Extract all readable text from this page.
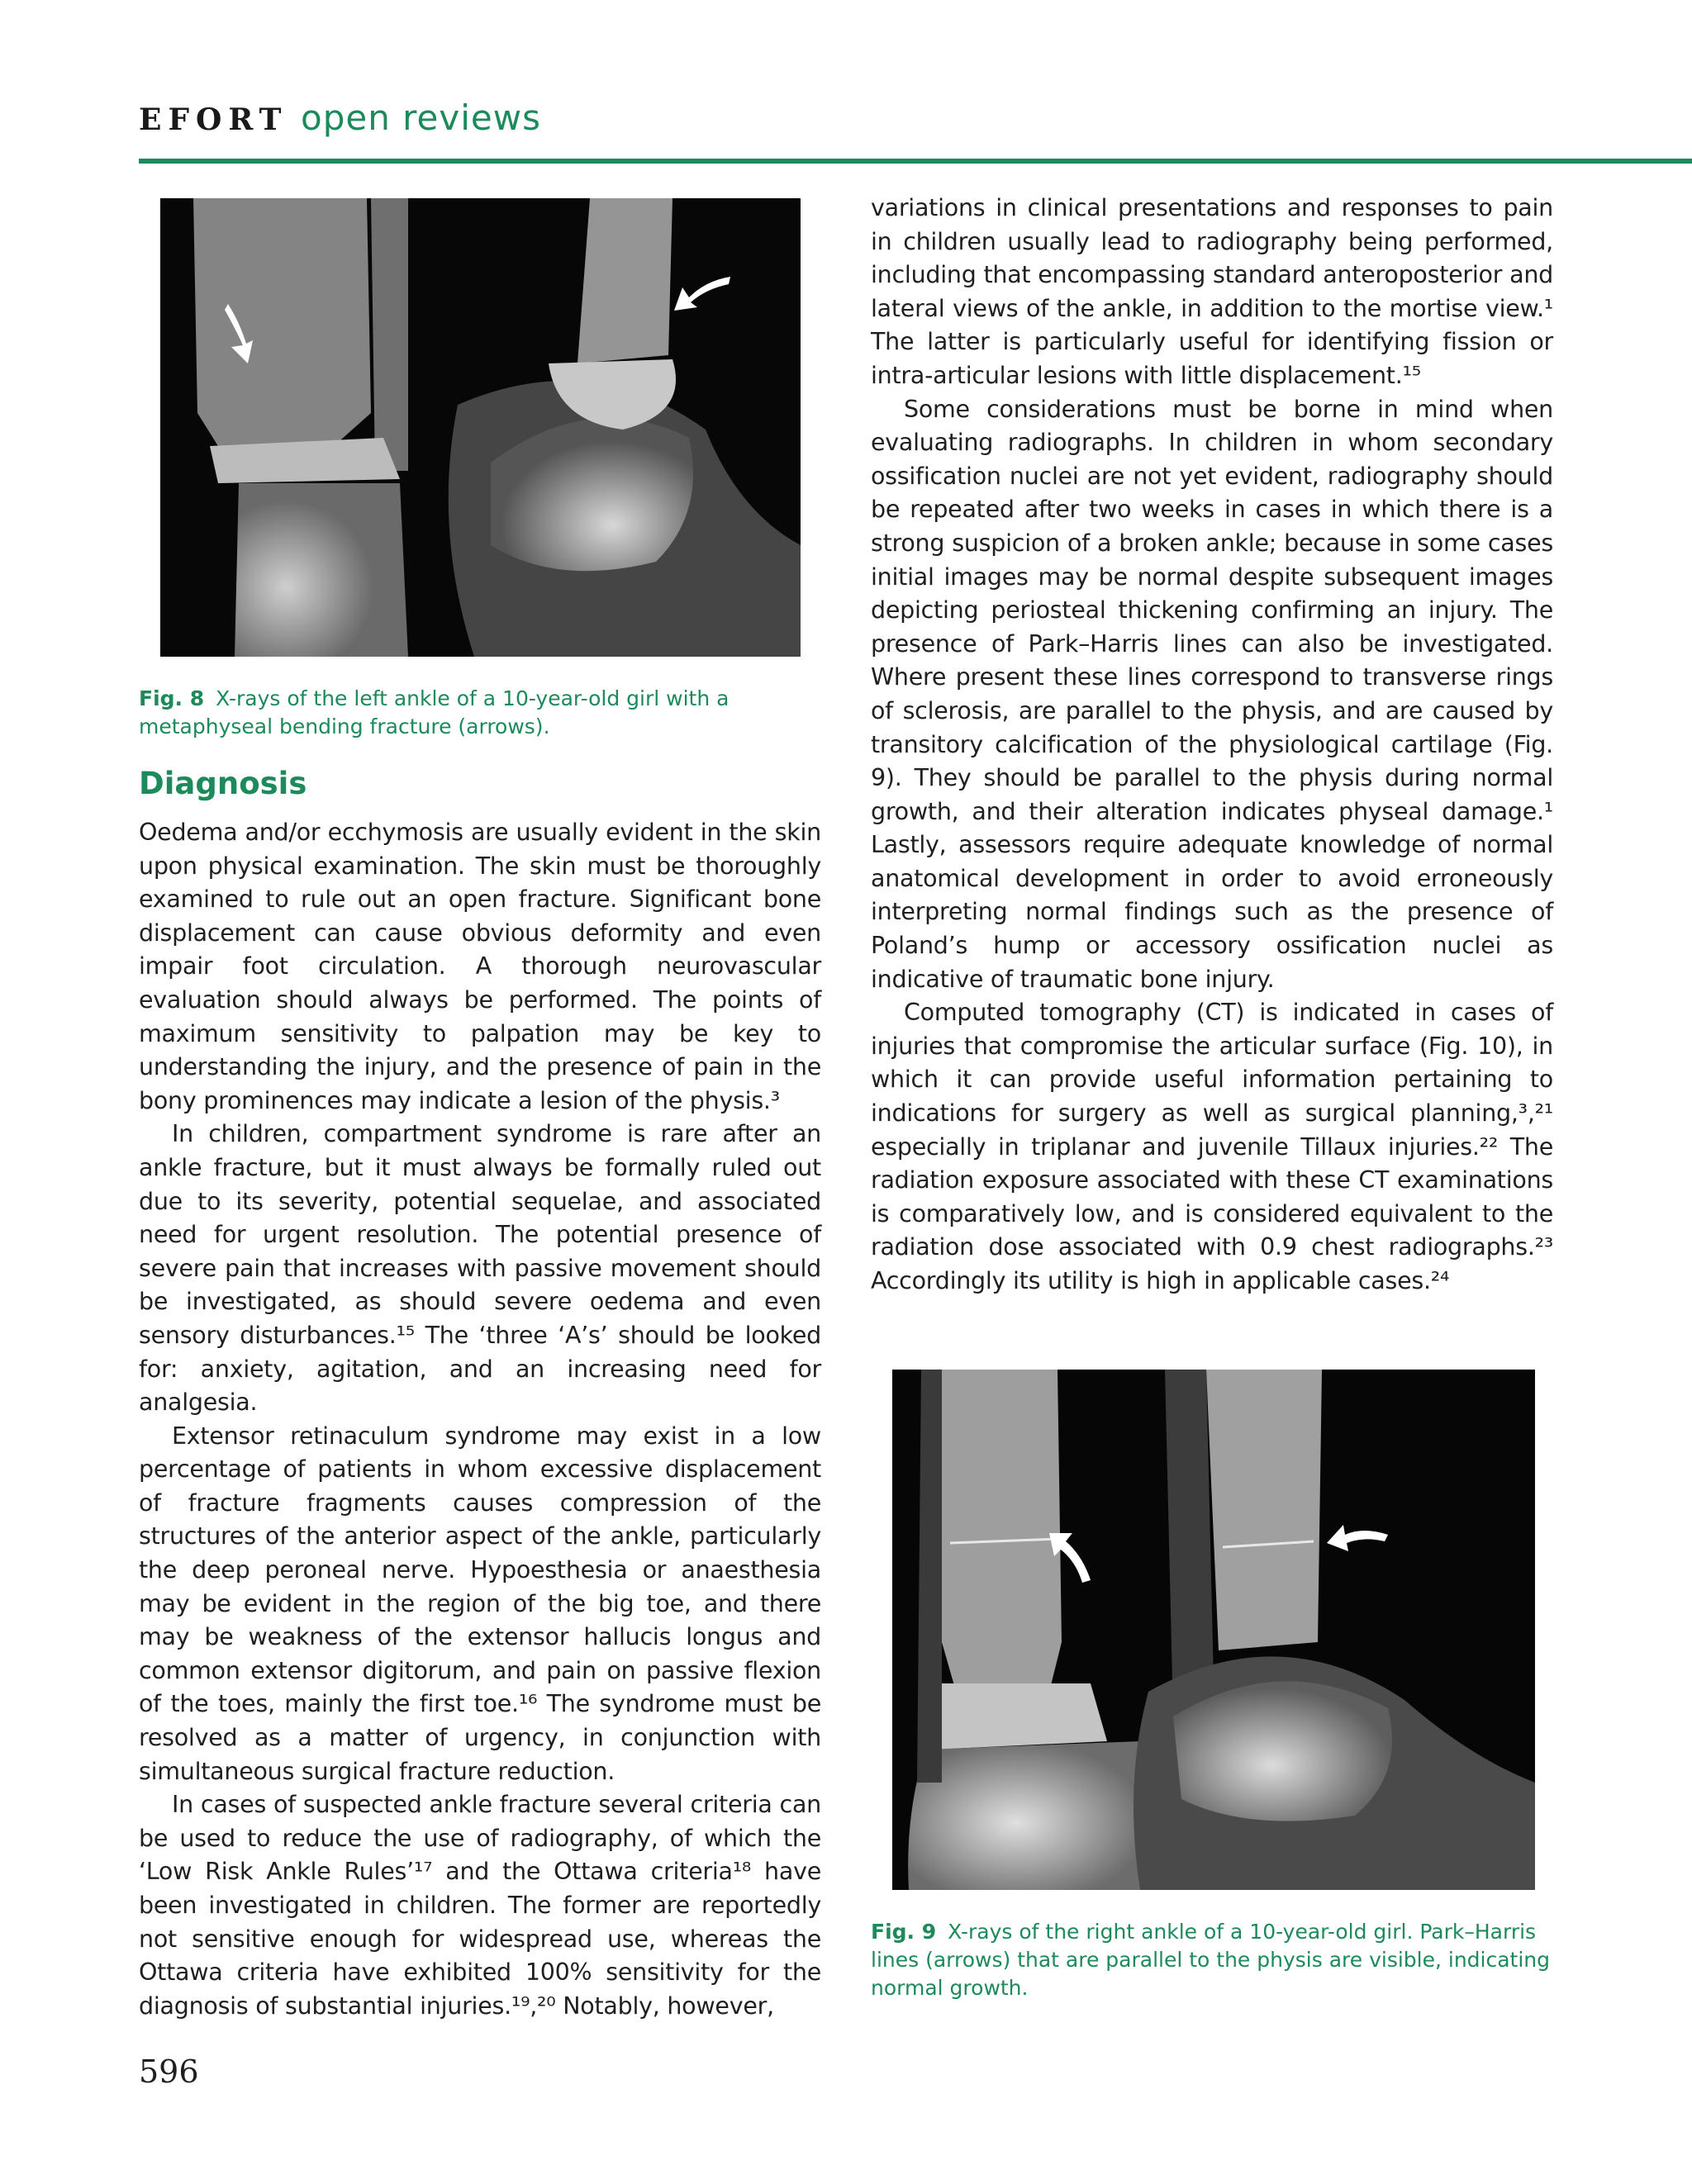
EFORT open reviews
Fig. 8 X-rays of the left ankle of a 10-year-old girl with a metaphyseal bending fracture (arrows).
Diagnosis

Oedema and/or ecchymosis are usually evident in the skin upon physical examination. The skin must be thoroughly examined to rule out an open fracture. Significant bone displacement can cause obvious deformity and even impair foot circulation. A thorough neurovascular evaluation should always be performed. The points of maximum sensitivity to palpation may be key to understanding the injury, and the presence of pain in the bony prominences may indicate a lesion of the physis.³

In children, compartment syndrome is rare after an ankle fracture, but it must always be formally ruled out due to its severity, potential sequelae, and associated need for urgent resolution. The potential presence of severe pain that increases with passive movement should be investigated, as should severe oedema and even sensory disturbances.¹⁵ The ‘three ‘A’s’ should be looked for: anxiety, agitation, and an increasing need for analgesia.

Extensor retinaculum syndrome may exist in a low percentage of patients in whom excessive displacement of fracture fragments causes compression of the structures of the anterior aspect of the ankle, particularly the deep peroneal nerve. Hypoesthesia or anaesthesia may be evident in the region of the big toe, and there may be weakness of the extensor hallucis longus and common extensor digitorum, and pain on passive flexion of the toes, mainly the first toe.¹⁶ The syndrome must be resolved as a matter of urgency, in conjunction with simultaneous surgical fracture reduction.

In cases of suspected ankle fracture several criteria can be used to reduce the use of radiography, of which the ‘Low Risk Ankle Rules’¹⁷ and the Ottawa criteria¹⁸ have been investigated in children. The former are reportedly not sensitive enough for widespread use, whereas the Ottawa criteria have exhibited 100% sensitivity for the diagnosis of substantial injuries.¹⁹,²⁰ Notably, however,

variations in clinical presentations and responses to pain in children usually lead to radiography being performed, including that encompassing standard anteroposterior and lateral views of the ankle, in addition to the mortise view.¹ The latter is particularly useful for identifying fission or intra-articular lesions with little displacement.¹⁵

Some considerations must be borne in mind when evaluating radiographs. In children in whom secondary ossification nuclei are not yet evident, radiography should be repeated after two weeks in cases in which there is a strong suspicion of a broken ankle; because in some cases initial images may be normal despite subsequent images depicting periosteal thickening confirming an injury. The presence of Park–Harris lines can also be investigated. Where present these lines correspond to transverse rings of sclerosis, are parallel to the physis, and are caused by transitory calcification of the physiological cartilage (Fig. 9). They should be parallel to the physis during normal growth, and their alteration indicates physeal damage.¹ Lastly, assessors require adequate knowledge of normal anatomical development in order to avoid erroneously interpreting normal findings such as the presence of Poland’s hump or accessory ossification nuclei as indicative of traumatic bone injury.

Computed tomography (CT) is indicated in cases of injuries that compromise the articular surface (Fig. 10), in which it can provide useful information pertaining to indications for surgery as well as surgical planning,³,²¹ especially in triplanar and juvenile Tillaux injuries.²² The radiation exposure associated with these CT examinations is comparatively low, and is considered equivalent to the radiation dose associated with 0.9 chest radiographs.²³ Accordingly its utility is high in applicable cases.²⁴

Fig. 9 X-rays of the right ankle of a 10-year-old girl. Park–Harris lines (arrows) that are parallel to the physis are visible, indicating normal growth.
596
